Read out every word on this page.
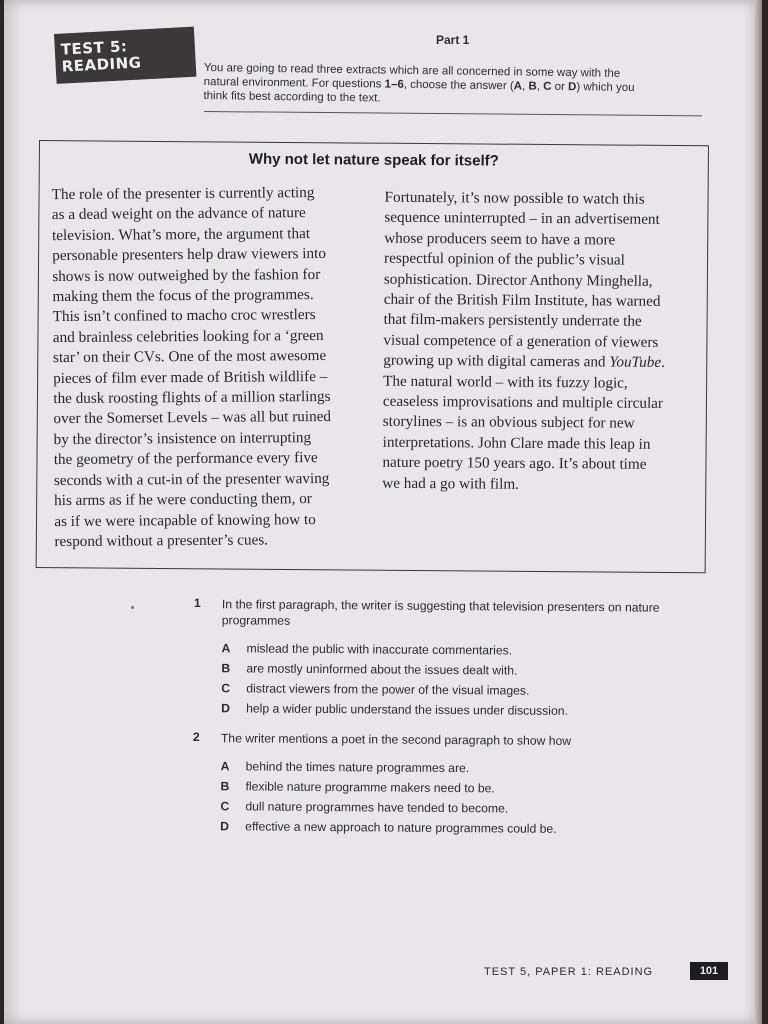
TEST 5:
READING
Part 1
You are going to read three extracts which are all concerned in some way with the
natural environment. For questions 1–6, choose the answer (A, B, C or D) which you
think fits best according to the text.
Why not let nature speak for itself?
The role of the presenter is currently acting
as a dead weight on the advance of nature
television. What’s more, the argument that
personable presenters help draw viewers into
shows is now outweighed by the fashion for
making them the focus of the programmes.
This isn’t confined to macho croc wrestlers
and brainless celebrities looking for a ‘green
star’ on their CVs. One of the most awesome
pieces of film ever made of British wildlife –
the dusk roosting flights of a million starlings
over the Somerset Levels – was all but ruined
by the director’s insistence on interrupting
the geometry of the performance every five
seconds with a cut-in of the presenter waving
his arms as if he were conducting them, or
as if we were incapable of knowing how to
respond without a presenter’s cues.
Fortunately, it’s now possible to watch this
sequence uninterrupted – in an advertisement
whose producers seem to have a more
respectful opinion of the public’s visual
sophistication. Director Anthony Minghella,
chair of the British Film Institute, has warned
that film-makers persistently underrate the
visual competence of a generation of viewers
growing up with digital cameras and YouTube.
The natural world – with its fuzzy logic,
ceaseless improvisations and multiple circular
storylines – is an obvious subject for new
interpretations. John Clare made this leap in
nature poetry 150 years ago. It’s about time
we had a go with film.
1 In the first paragraph, the writer is suggesting that television presenters on nature
programmes
A mislead the public with inaccurate commentaries.
B are mostly uninformed about the issues dealt with.
C distract viewers from the power of the visual images.
D help a wider public understand the issues under discussion.
2 The writer mentions a poet in the second paragraph to show how
A behind the times nature programmes are.
B flexible nature programme makers need to be.
C dull nature programmes have tended to become.
D effective a new approach to nature programmes could be.
TEST 5, PAPER 1: READING	101
